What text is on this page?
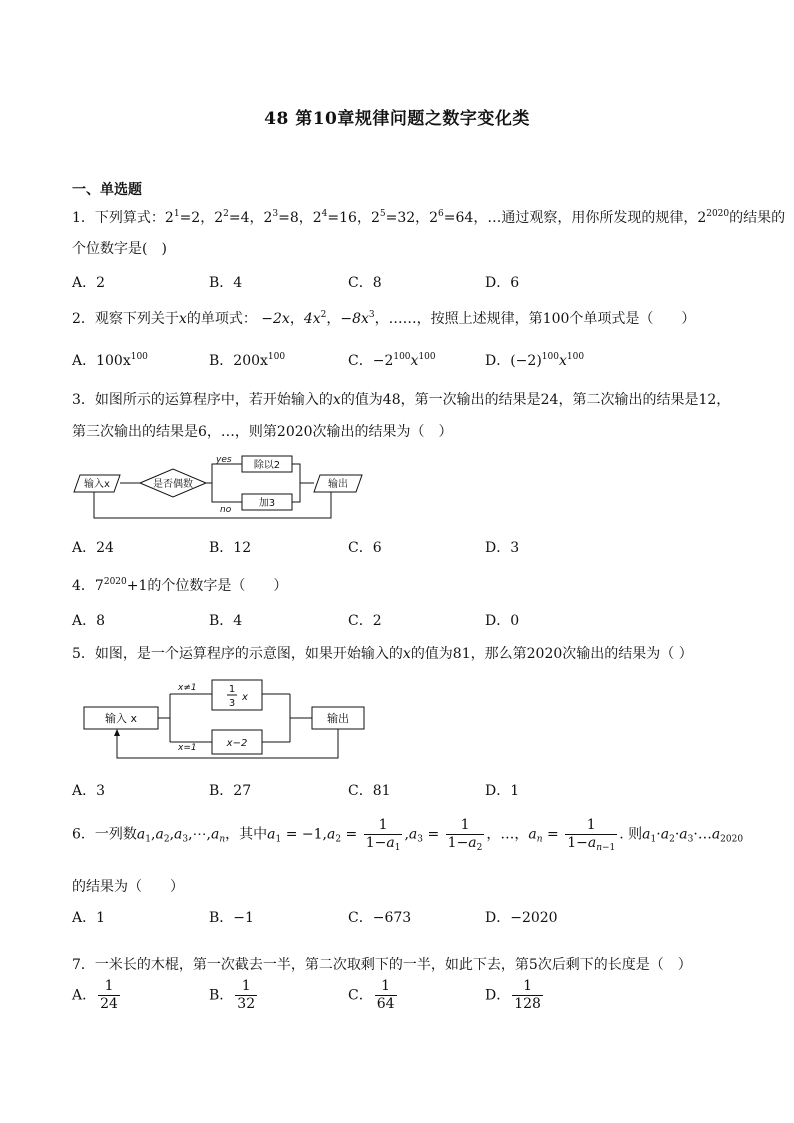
48 第10章规律问题之数字变化类
一、单选题
1．下列算式：$2^1=2$，$2^2=4$，$2^3=8$，$2^4=16$，$2^5=32$，$2^6=64$，…通过观察，用你所发现的规律，$2^{2020}$的结果的
个位数字是(　)
A．2	B．4	C．8	D．6
2．观察下列关于x的单项式： −2x，$4x^2$，$-8x^3$，……，按照上述规律，第100个单项式是（　　）
A．$100x^{100}$	B．$200x^{100}$	C．$-2^{100}x^{100}$	D．$(-2)^{100}x^{100}$
3．如图所示的运算程序中，若开始输入的x的值为48，第一次输出的结果是24，第二次输出的结果是12，
第三次输出的结果是6，…，则第2020次输出的结果为（　）
输入x	是否偶数
yes
no
除以2
加3
输出
A．24	B．12	C．6	D．3
4．$7^{2020}+1$的个位数字是（　　）
A．8	B．4	C．2	D．0
5．如图，是一个运算程序的示意图，如果开始输入的x的值为81，那么第2020次输出的结果为（ ）
输入 x
x≠1
x=1
1
3
x
x−2
输出
A．3	B．27	C．81	D．1
6．一列数$a_1,a_2,a_3,\cdots,a_n$，其中$a_1 = -1,a_2 = \frac{1}{1-a_1} ,a_3 = \frac{1}{1-a_2}$ ，…，$a_n = \frac{1}{1-a_{n-1}}$ . 则$a_1\cdot a_2\cdot a_3\cdot\dots a_{2020}$
的结果为（　　）
A．1	B．−1	C．−673	D．−2020
7．一米长的木棍，第一次截去一半，第二次取剩下的一半，如此下去，第5次后剩下的长度是（　）
A． $\frac{1}{24}$	B． $\frac{1}{32}$	C． $\frac{1}{64}$	D． $\frac{1}{128}$
